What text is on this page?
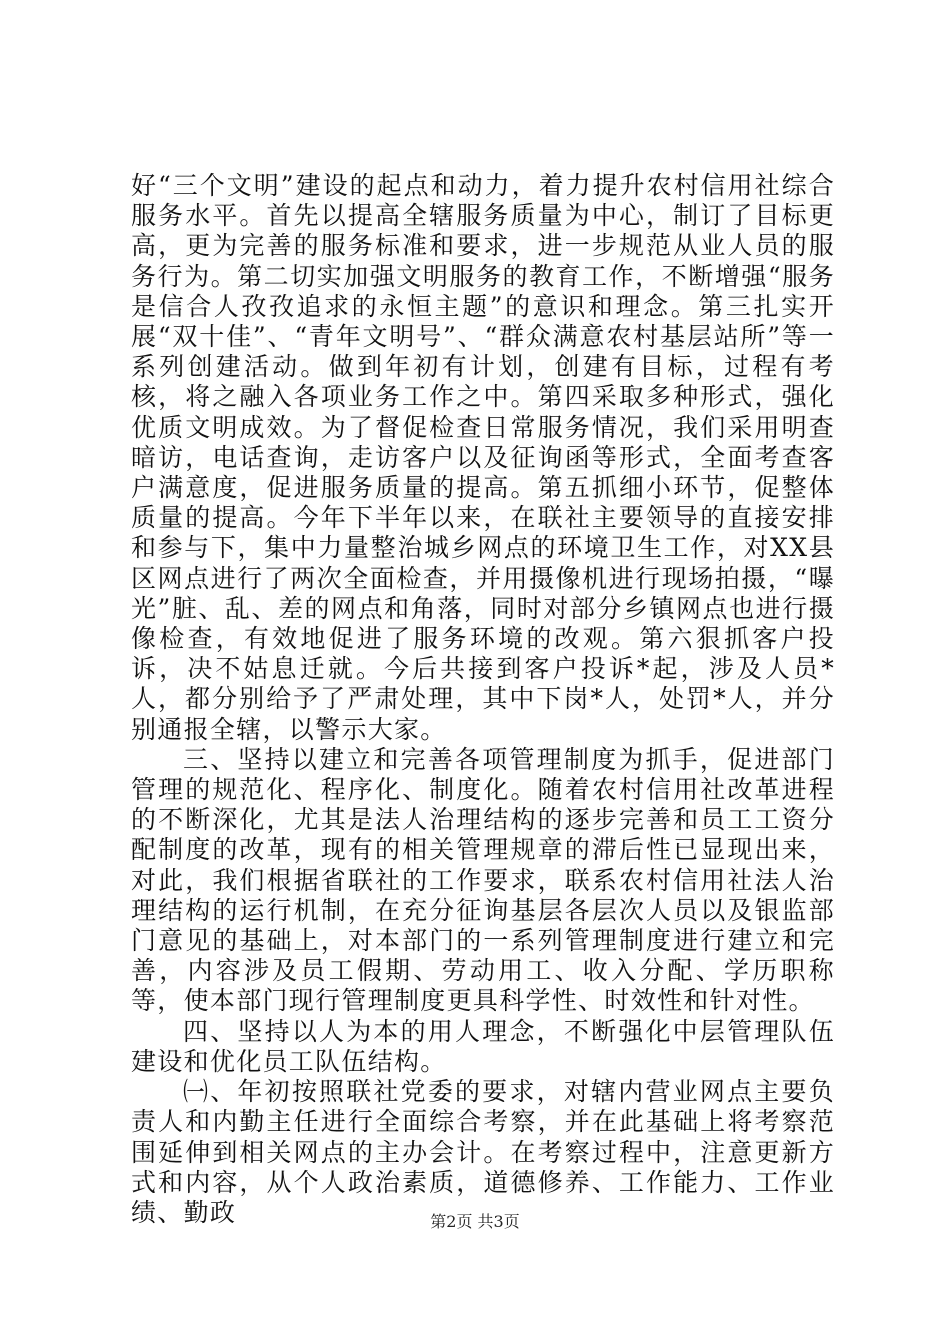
好“三个文明”建设的起点和动力，着力提升农村信用社综合服务水平。首先以提高全辖服务质量为中心，制订了目标更高，更为完善的服务标准和要求，进一步规范从业人员的服务行为。第二切实加强文明服务的教育工作，不断增强“服务是信合人孜孜追求的永恒主题”的意识和理念。第三扎实开展“双十佳”、“青年文明号”、“群众满意农村基层站所”等一系列创建活动。做到年初有计划，创建有目标，过程有考核，将之融入各项业务工作之中。第四采取多种形式，强化优质文明成效。为了督促检查日常服务情况，我们采用明查暗访，电话查询，走访客户以及征询函等形式，全面考查客户满意度，促进服务质量的提高。第五抓细小环节，促整体质量的提高。今年下半年以来，在联社主要领导的直接安排和参与下，集中力量整治城乡网点的环境卫生工作，对XX县区网点进行了两次全面检查，并用摄像机进行现场拍摄，“曝光”脏、乱、差的网点和角落，同时对部分乡镇网点也进行摄像检查，有效地促进了服务环境的改观。第六狠抓客户投诉，决不姑息迁就。今后共接到客户投诉*起，涉及人员*人，都分别给予了严肃处理，其中下岗*人，处罚*人，并分别通报全辖，以警示大家。

三、坚持以建立和完善各项管理制度为抓手，促进部门管理的规范化、程序化、制度化。随着农村信用社改革进程的不断深化，尤其是法人治理结构的逐步完善和员工工资分配制度的改革，现有的相关管理规章的滞后性已显现出来，对此，我们根据省联社的工作要求，联系农村信用社法人治理结构的运行机制，在充分征询基层各层次人员以及银监部门意见的基础上，对本部门的一系列管理制度进行建立和完善，内容涉及员工假期、劳动用工、收入分配、学历职称等，使本部门现行管理制度更具科学性、时效性和针对性。

四、坚持以人为本的用人理念，不断强化中层管理队伍建设和优化员工队伍结构。

㈠、年初按照联社党委的要求，对辖内营业网点主要负责人和内勤主任进行全面综合考察，并在此基础上将考察范围延伸到相关网点的主办会计。在考察过程中，注意更新方式和内容，从个人政治素质，道德修养、工作能力、工作业绩、勤政	第2页 共3页
